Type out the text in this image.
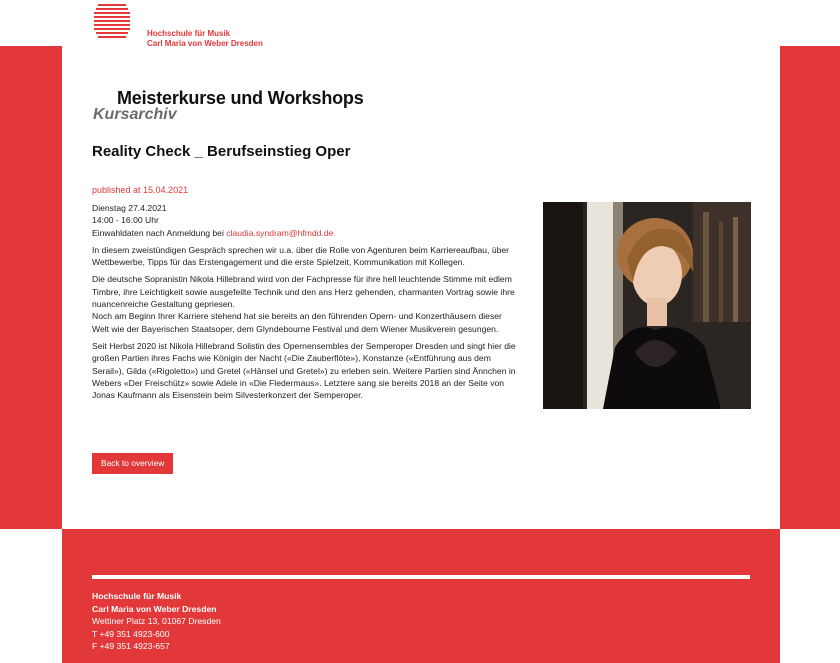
Hochschule für Musik
Carl Maria von Weber Dresden
Meisterkurse und Workshops
Kursarchiv
Reality Check _ Berufseinstieg Oper
published at 15.04.2021

Dienstag 27.4.2021
14:00 - 16:00 Uhr
Einwahldaten nach Anmeldung bei claudia.syndram@hfmdd.de

In diesem zweistündigen Gespräch sprechen wir u.a. über die Rolle von Agenturen beim Karriereaufbau, über
Wettbewerbe, Tipps für das Erstengagement und die erste Spielzeit, Kommunikation mit Kollegen.

Die deutsche Sopranistin Nikola Hillebrand wird von der Fachpresse für ihre hell leuchtende Stimme mit edlem
Timbre, ihre Leichtigkeit sowie ausgefeilte Technik und den ans Herz gehenden, charmanten Vortrag sowie ihre
nuancenreiche Gestaltung gepriesen.
Noch am Beginn Ihrer Karriere stehend hat sie bereits an den führenden Opern- und Konzerthäusern dieser
Welt wie der Bayerischen Staatsoper, dem Glyndebourne Festival und dem Wiener Musikverein gesungen.

Seit Herbst 2020 ist Nikola Hillebrand Solistin des Opernensembles der Semperoper Dresden und singt hier die
großen Partien ihres Fachs wie Königin der Nacht («Die Zauberflöte»), Konstanze («Entführung aus dem
Serail»), Gilda («Rigoletto») und Gretel («Hänsel und Gretel») zu erleben sein. Weitere Partien sind Ännchen in
Webers «Der Freischütz» sowie Adele in «Die Fledermaus». Letztere sang sie bereits 2018 an der Seite von
Jonas Kaufmann als Eisenstein beim Silvesterkonzert der Semperoper.

Back to overview
Hochschule für Musik
Carl Maria von Weber Dresden
Wettiner Platz 13, 01067 Dresden
T +49 351 4923-600
F +49 351 4923-657
